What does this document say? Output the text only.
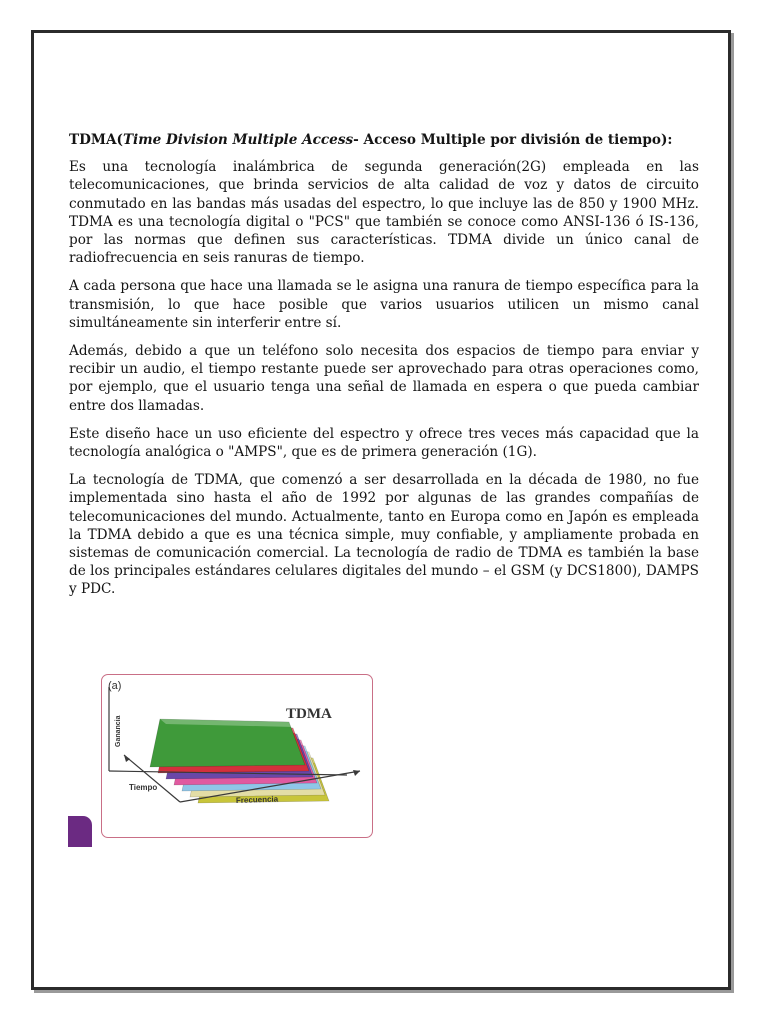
TDMA(Time Division Multiple Access- Acceso Multiple por división de tiempo):

Es una tecnología inalámbrica de segunda generación(2G) empleada en las telecomunicaciones, que brinda servicios de alta calidad de voz y datos de circuito conmutado en las bandas más usadas del espectro, lo que incluye las de 850 y 1900 MHz. TDMA es una tecnología digital o "PCS" que también se conoce como ANSI-136 ó IS-136, por las normas que definen sus características. TDMA divide un único canal de radiofrecuencia en seis ranuras de tiempo.

A cada persona que hace una llamada se le asigna una ranura de tiempo específica para la transmisión, lo que hace posible que varios usuarios utilicen un mismo canal simultáneamente sin interferir entre sí.

Además, debido a que un teléfono solo necesita dos espacios de tiempo para enviar y recibir un audio, el tiempo restante puede ser aprovechado para otras operaciones como, por ejemplo, que el usuario tenga una señal de llamada en espera o que pueda cambiar entre dos llamadas.

Este diseño hace un uso eficiente del espectro y ofrece tres veces más capacidad que la tecnología analógica o "AMPS", que es de primera generación (1G).

La tecnología de TDMA, que comenzó a ser desarrollada en la década de 1980, no fue implementada sino hasta el año de 1992 por algunas de las grandes compañías de telecomunicaciones del mundo. Actualmente, tanto en Europa como en Japón es empleada la TDMA debido a que es una técnica simple, muy confiable, y ampliamente probada en sistemas de comunicación comercial. La tecnología de radio de TDMA es también la base de los principales estándares celulares digitales del mundo – el GSM (y DCS1800), DAMPS y PDC.

(a)
TDMA
Ganancia
Tiempo
Frecuencia
